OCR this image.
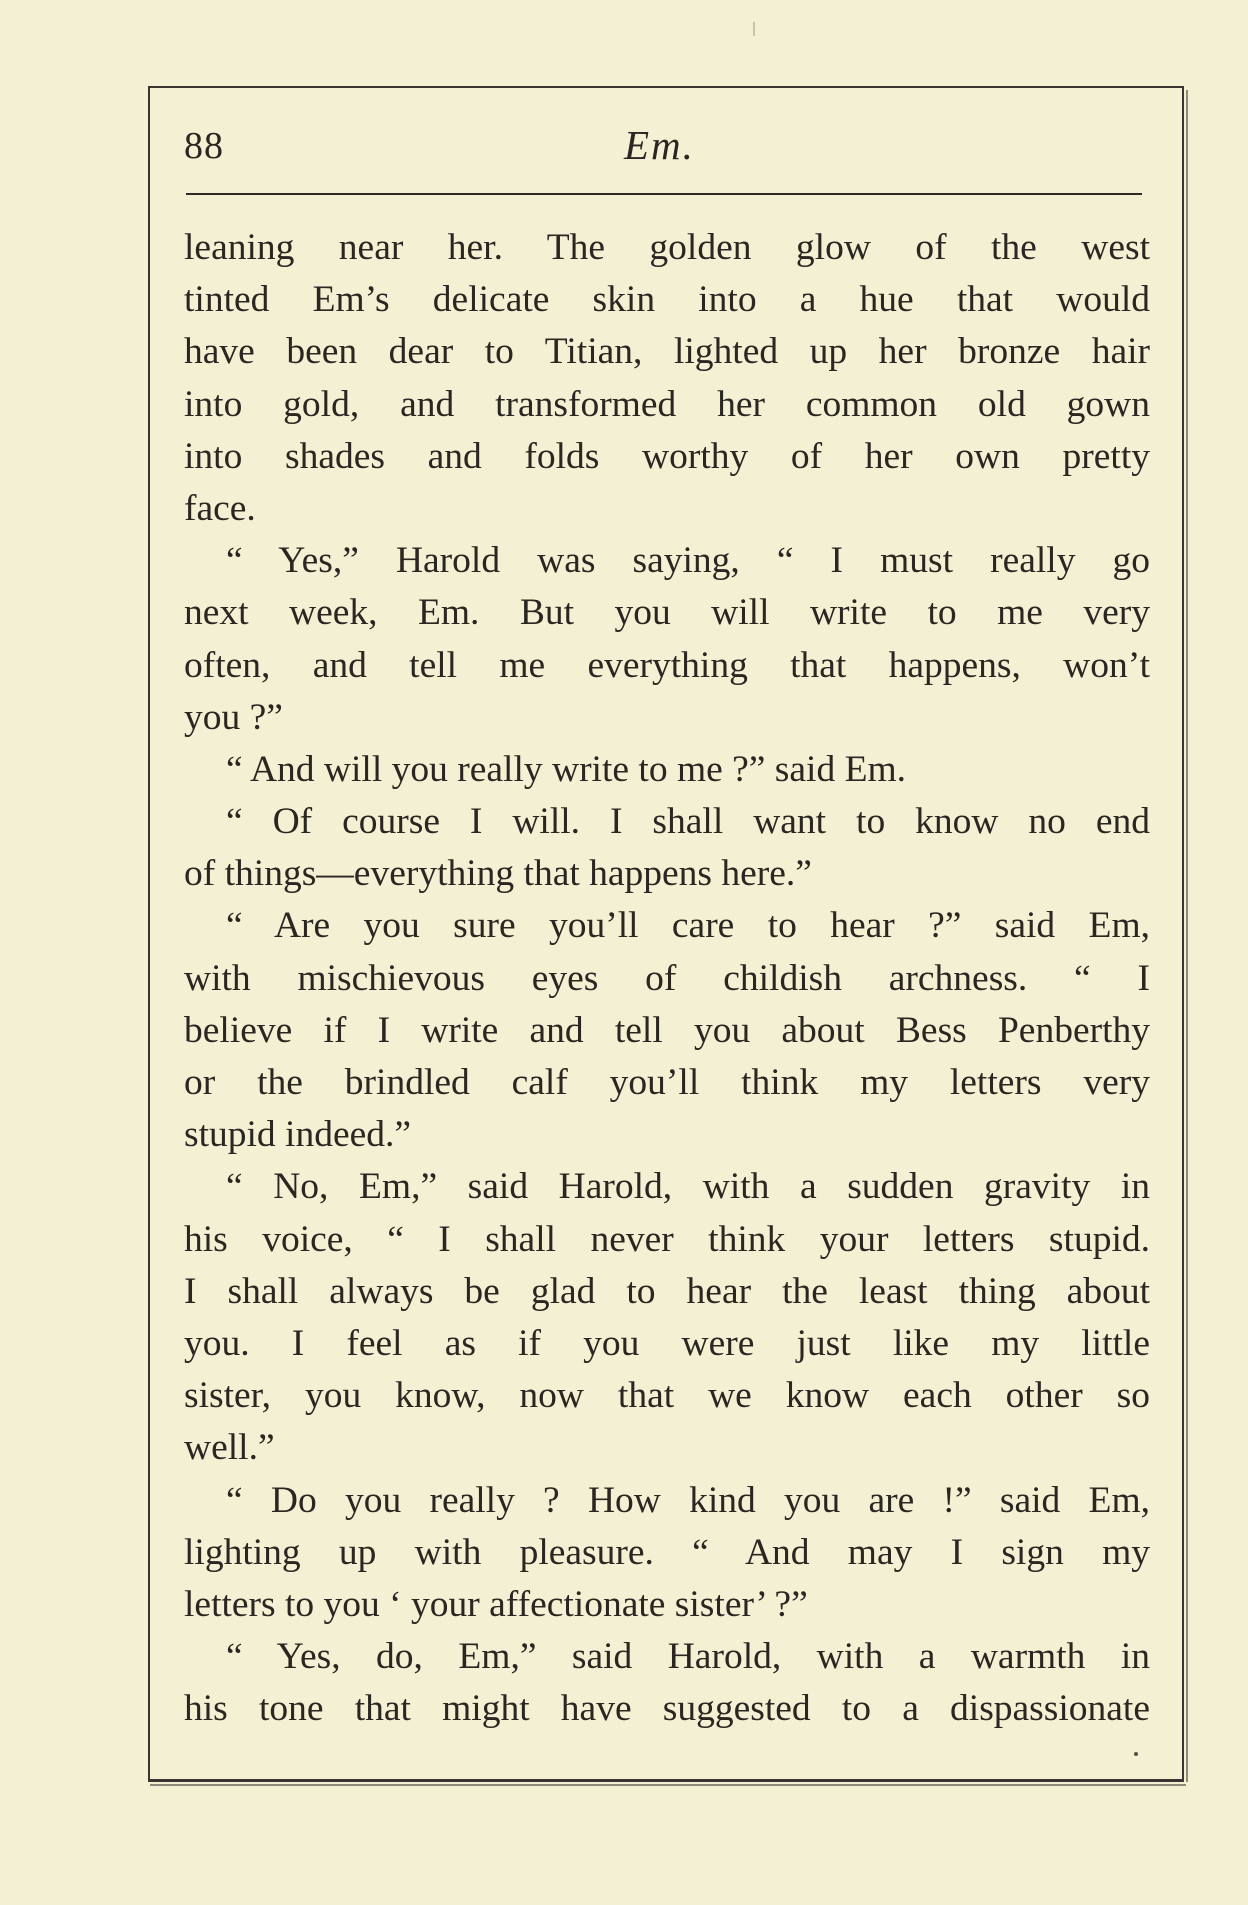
88	Em.
leaning near her. The golden glow of the west
tinted Em’s delicate skin into a hue that would
have been dear to Titian, lighted up her bronze hair
into gold, and transformed her common old gown
into shades and folds worthy of her own pretty
face.
“ Yes,” Harold was saying, “ I must really go
next week, Em. But you will write to me very
often, and tell me everything that happens, won’t
you ?”
“ And will you really write to me ?” said Em.
“ Of course I will. I shall want to know no end
of things—everything that happens here.”
“ Are you sure you’ll care to hear ?” said Em,
with mischievous eyes of childish archness. “ I
believe if I write and tell you about Bess Penberthy
or the brindled calf you’ll think my letters very
stupid indeed.”
“ No, Em,” said Harold, with a sudden gravity in
his voice, “ I shall never think your letters stupid.
I shall always be glad to hear the least thing about
you. I feel as if you were just like my little
sister, you know, now that we know each other so
well.”
“ Do you really ? How kind you are !” said Em,
lighting up with pleasure. “ And may I sign my
letters to you ‘ your affectionate sister’ ?”
“ Yes, do, Em,” said Harold, with a warmth in
his tone that might have suggested to a dispassionate
